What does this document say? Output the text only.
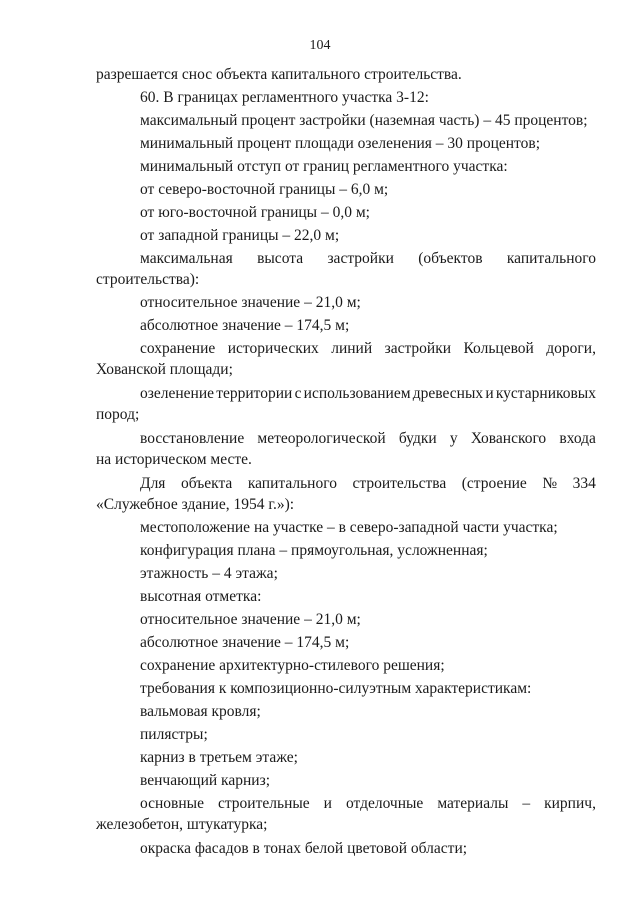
104
разрешается снос объекта капитального строительства.
60. В границах регламентного участка 3-12:
максимальный процент застройки (наземная часть) – 45 процентов;
минимальный процент площади озеленения – 30 процентов;
минимальный отступ от границ регламентного участка:
от северо-восточной границы – 6,0 м;
от юго-восточной границы – 0,0 м;
от западной границы – 22,0 м;
максимальная высота застройки (объектов капитального
строительства):
относительное значение – 21,0 м;
абсолютное значение – 174,5 м;
сохранение исторических линий застройки Кольцевой дороги,
Хованской площади;
озеленение территории с использованием древесных и кустарниковых
пород;
восстановление метеорологической будки у Хованского входа
на историческом месте.
Для объекта капитального строительства (строение № 334
«Служебное здание, 1954 г.»):
местоположение на участке – в северо-западной части участка;
конфигурация плана – прямоугольная, усложненная;
этажность – 4 этажа;
высотная отметка:
относительное значение – 21,0 м;
абсолютное значение – 174,5 м;
сохранение архитектурно-стилевого решения;
требования к композиционно-силуэтным характеристикам:
вальмовая кровля;
пилястры;
карниз в третьем этаже;
венчающий карниз;
основные строительные и отделочные материалы – кирпич,
железобетон, штукатурка;
окраска фасадов в тонах белой цветовой области;
